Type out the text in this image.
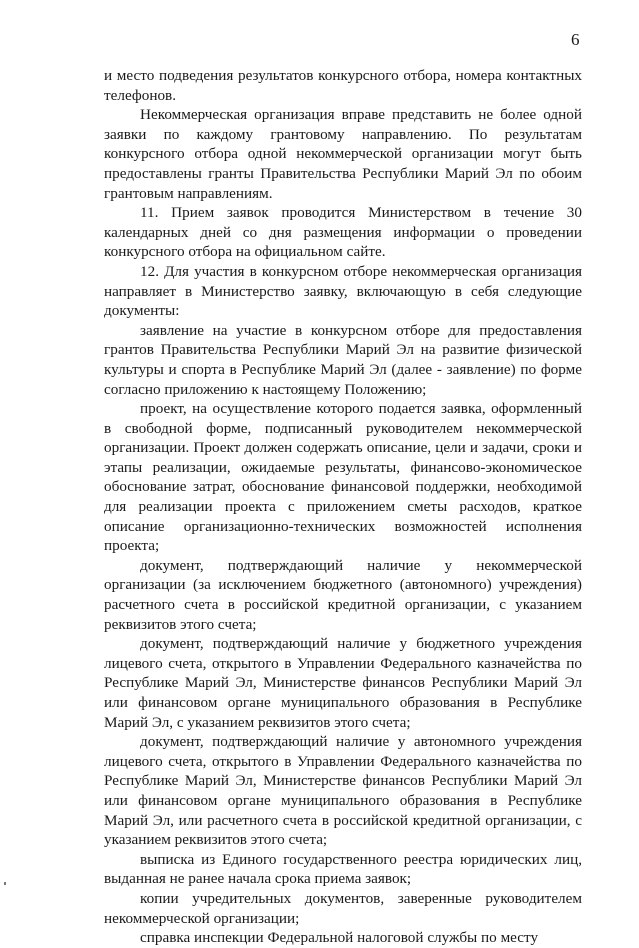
6

и место подведения результатов конкурсного отбора, номера контактных телефонов.

Некоммерческая организация вправе представить не более одной заявки по каждому грантовому направлению. По результатам конкурсного отбора одной некоммерческой организации могут быть предоставлены гранты Правительства Республики Марий Эл по обоим грантовым направлениям.

11. Прием заявок проводится Министерством в течение 30 календарных дней со дня размещения информации о проведении конкурсного отбора на официальном сайте.

12. Для участия в конкурсном отборе некоммерческая организация направляет в Министерство заявку, включающую в себя следующие документы:

заявление на участие в конкурсном отборе для предоставления грантов Правительства Республики Марий Эл на развитие физической культуры и спорта в Республике Марий Эл (далее - заявление) по форме согласно приложению к настоящему Положению;

проект, на осуществление которого подается заявка, оформленный в свободной форме, подписанный руководителем некоммерческой организации. Проект должен содержать описание, цели и задачи, сроки и этапы реализации, ожидаемые результаты, финансово-экономическое обоснование затрат, обоснование финансовой поддержки, необходимой для реализации проекта с приложением сметы расходов, краткое описание организационно-технических возможностей исполнения проекта;

документ, подтверждающий наличие у некоммерческой организации (за исключением бюджетного (автономного) учреждения) расчетного счета в российской кредитной организации, с указанием реквизитов этого счета;

документ, подтверждающий наличие у бюджетного учреждения лицевого счета, открытого в Управлении Федерального казначейства по Республике Марий Эл, Министерстве финансов Республики Марий Эл или финансовом органе муниципального образования в Республике Марий Эл, с указанием реквизитов этого счета;

документ, подтверждающий наличие у автономного учреждения лицевого счета, открытого в Управлении Федерального казначейства по Республике Марий Эл, Министерстве финансов Республики Марий Эл или финансовом органе муниципального образования в Республике Марий Эл, или расчетного счета в российской кредитной организации, с указанием реквизитов этого счета;

выписка из Единого государственного реестра юридических лиц, выданная не ранее начала срока приема заявок;

копии учредительных документов, заверенные руководителем некоммерческой организации;

справка инспекции Федеральной налоговой службы по месту
